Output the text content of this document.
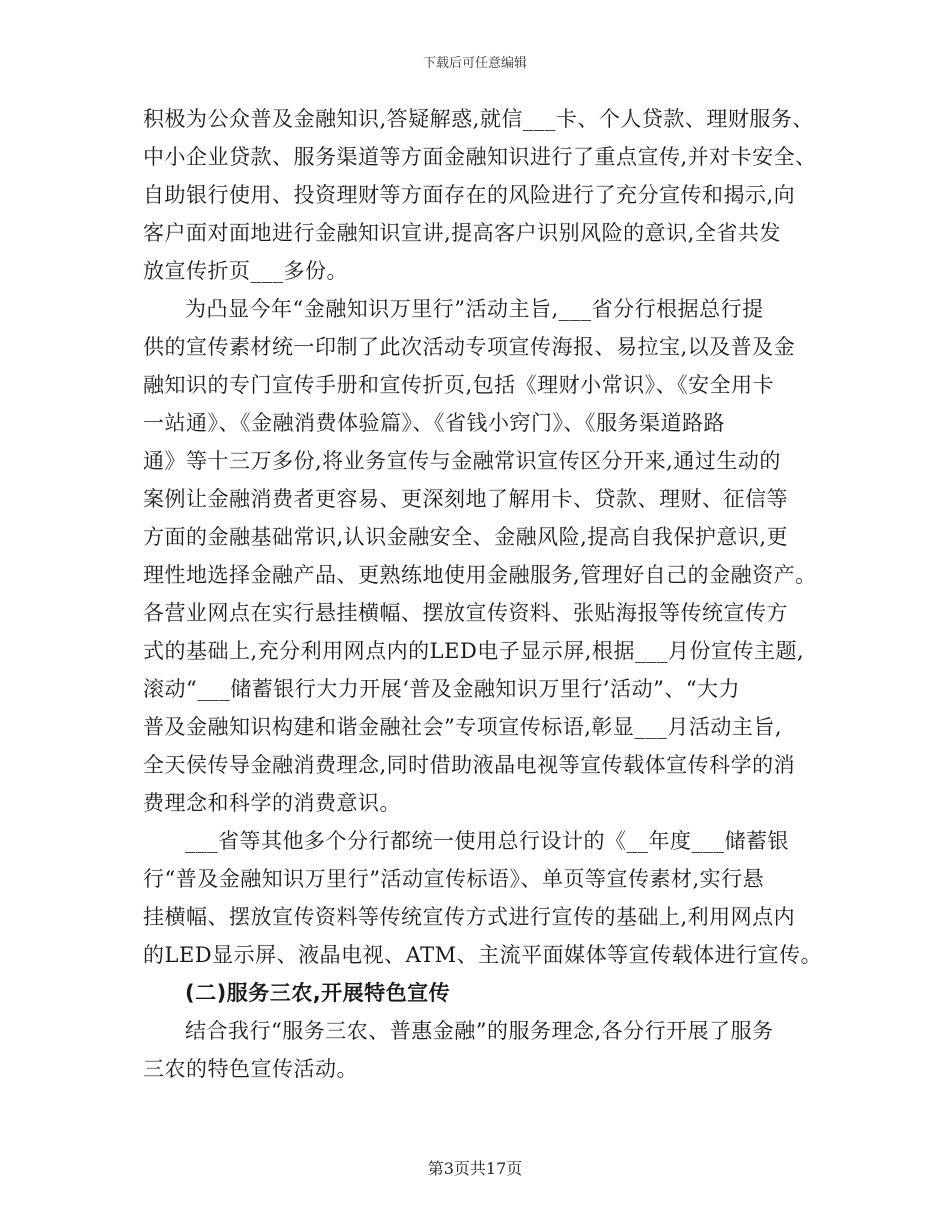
下载后可任意编辑
积极为公众普及金融知识,答疑解惑,就信___卡、个人贷款、理财服务、
中小企业贷款、服务渠道等方面金融知识进行了重点宣传,并对卡安全、
自助银行使用、投资理财等方面存在的风险进行了充分宣传和揭示,向
客户面对面地进行金融知识宣讲,提高客户识别风险的意识,全省共发
放宣传折页___多份。
为凸显今年“金融知识万里行”活动主旨,___省分行根据总行提
供的宣传素材统一印制了此次活动专项宣传海报、易拉宝,以及普及金
融知识的专门宣传手册和宣传折页,包括《理财小常识》、《安全用卡
一站通》、《金融消费体验篇》、《省钱小窍门》、《服务渠道路路
通》等十三万多份,将业务宣传与金融常识宣传区分开来,通过生动的
案例让金融消费者更容易、更深刻地了解用卡、贷款、理财、征信等
方面的金融基础常识,认识金融安全、金融风险,提高自我保护意识,更
理性地选择金融产品、更熟练地使用金融服务,管理好自己的金融资产。
各营业网点在实行悬挂横幅、摆放宣传资料、张贴海报等传统宣传方
式的基础上,充分利用网点内的LED电子显示屏,根据___月份宣传主题,
滚动“___储蓄银行大力开展‘普及金融知识万里行’活动”、“大力
普及金融知识构建和谐金融社会”专项宣传标语,彰显___月活动主旨,
全天侯传导金融消费理念,同时借助液晶电视等宣传载体宣传科学的消
费理念和科学的消费意识。
___省等其他多个分行都统一使用总行设计的《__年度___储蓄银
行“普及金融知识万里行”活动宣传标语》、单页等宣传素材,实行悬
挂横幅、摆放宣传资料等传统宣传方式进行宣传的基础上,利用网点内
的LED显示屏、液晶电视、ATM、主流平面媒体等宣传载体进行宣传。
(二)服务三农,开展特色宣传
结合我行“服务三农、普惠金融”的服务理念,各分行开展了服务
三农的特色宣传活动。
第3页共17页
